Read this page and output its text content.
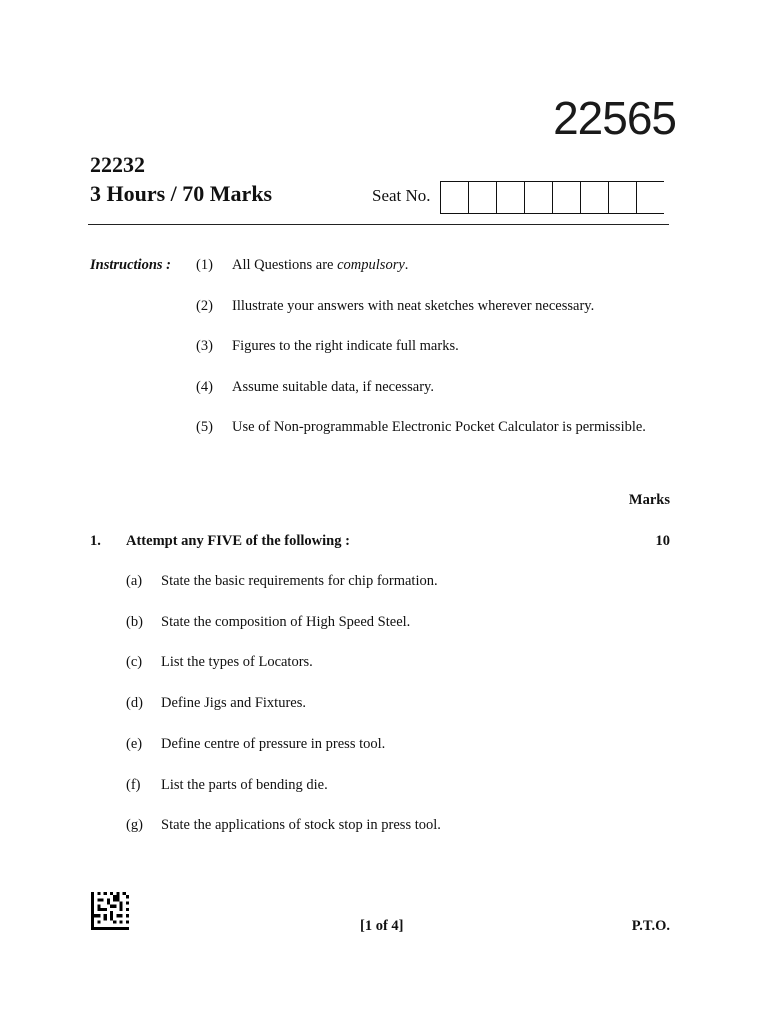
22565
22232
3 Hours / 70 Marks	Seat No.
Instructions : (1) All Questions are compulsory.
(2) Illustrate your answers with neat sketches wherever necessary.
(3) Figures to the right indicate full marks.
(4) Assume suitable data, if necessary.
(5) Use of Non-programmable Electronic Pocket Calculator is permissible.
Marks
1. Attempt any FIVE of the following :	10
(a) State the basic requirements for chip formation.
(b) State the composition of High Speed Steel.
(c) List the types of Locators.
(d) Define Jigs and Fixtures.
(e) Define centre of pressure in press tool.
(f) List the parts of bending die.
(g) State the applications of stock stop in press tool.
[1 of 4]	P.T.O.
